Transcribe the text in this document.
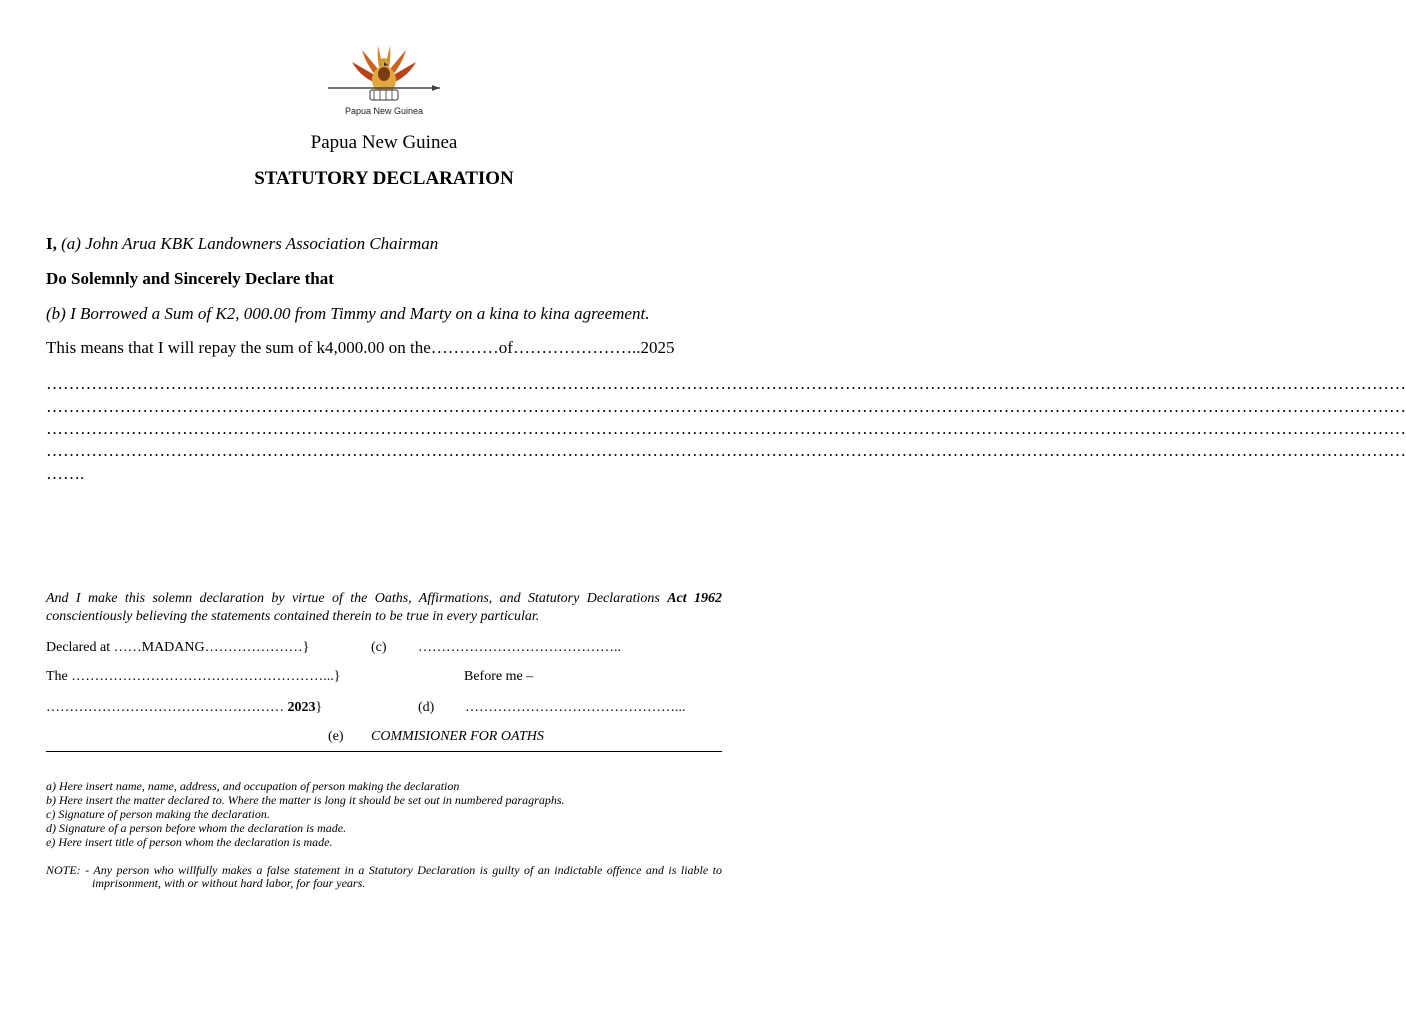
Papua New Guinea
Papua New Guinea
STATUTORY DECLARATION
I, (a) John Arua KBK Landowners Association Chairman
Do Solemnly and Sincerely Declare that
(b) I Borrowed a Sum of K2, 000.00 from Timmy and Marty on a kina to kina agreement.
This means that I will repay the sum of k4,000.00 on the…………of…………………..2025
……………………………………………………………………………………………………………………………………………………………………………………………………………………
……………………………………………………………………………………………………………………………………………………………………………………………………………………
……………………………………………………………………………………………………………………………………………………………………………………………………………………
……………………………………………………………………………………………………………………………………………………………………………………………………………………
…….
And I make this solemn declaration by virtue of the Oaths, Affirmations, and Statutory Declarations Act 1962 conscientiously believing the statements contained therein to be true in every particular.
Declared at ……MADANG…………………}	(c) ……………………………………..
The ………………………………………………...}	Before me –
…………………………………………… 2023}	(d) ………………………………………...
(e) COMMISIONER FOR OATHS
a) Here insert name, name, address, and occupation of person making the declaration
b) Here insert the matter declared to. Where the matter is long it should be set out in numbered paragraphs.
c) Signature of person making the declaration.
d) Signature of a person before whom the declaration is made.
e) Here insert title of person whom the declaration is made.
NOTE: - Any person who willfully makes a false statement in a Statutory Declaration is guilty of an indictable offence and is liable to
imprisonment, with or without hard labor, for four years.
